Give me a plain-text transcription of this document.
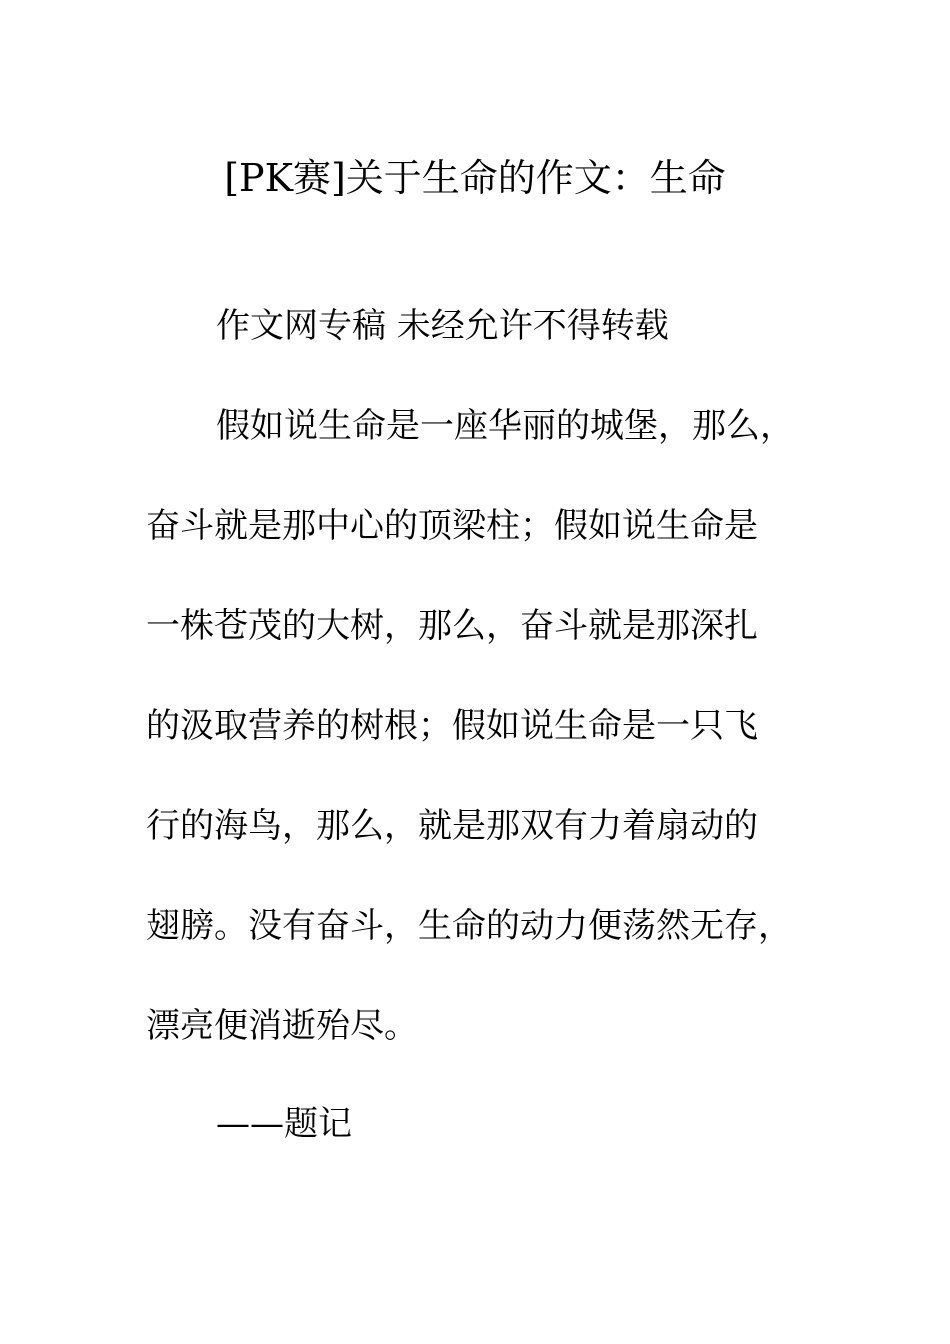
[PK赛]关于生命的作文：生命
作文网专稿 未经允许不得转载
假如说生命是一座华丽的城堡，那么，
奋斗就是那中心的顶梁柱；假如说生命是
一株苍茂的大树，那么，奋斗就是那深扎
的汲取营养的树根；假如说生命是一只飞
行的海鸟，那么，就是那双有力着扇动的
翅膀。没有奋斗，生命的动力便荡然无存，
漂亮便消逝殆尽。
——题记
